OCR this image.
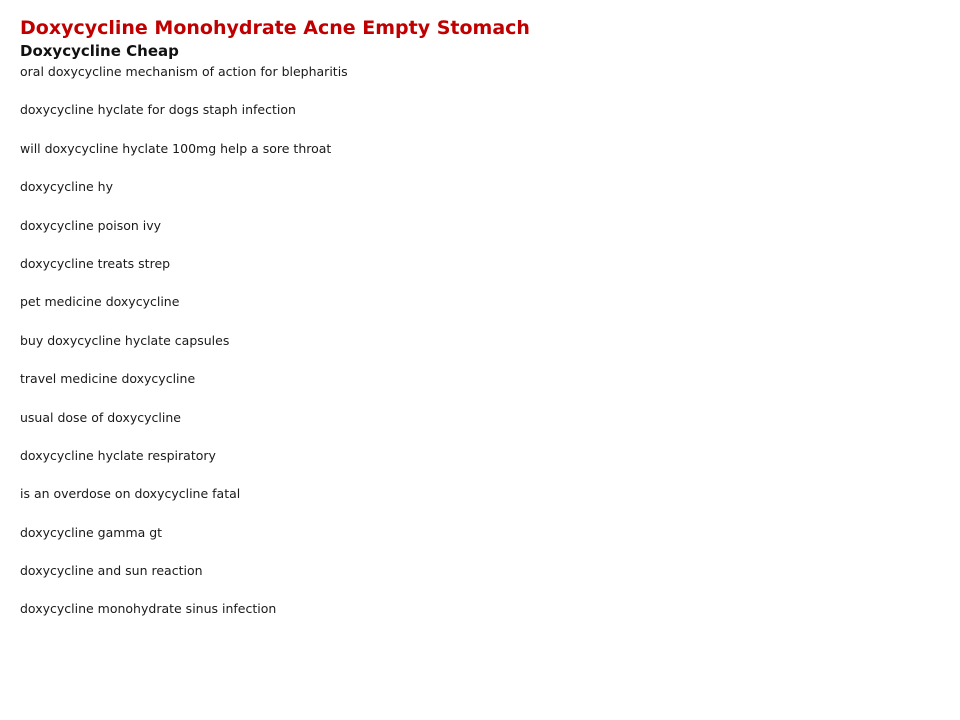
Doxycycline Monohydrate Acne Empty Stomach
Doxycycline Cheap
oral doxycycline mechanism of action for blepharitis
doxycycline hyclate for dogs staph infection
will doxycycline hyclate 100mg help a sore throat
doxycycline hy
doxycycline poison ivy
doxycycline treats strep
pet medicine doxycycline
buy doxycycline hyclate capsules
travel medicine doxycycline
usual dose of doxycycline
doxycycline hyclate respiratory
is an overdose on doxycycline fatal
doxycycline gamma gt
doxycycline and sun reaction
doxycycline monohydrate sinus infection
